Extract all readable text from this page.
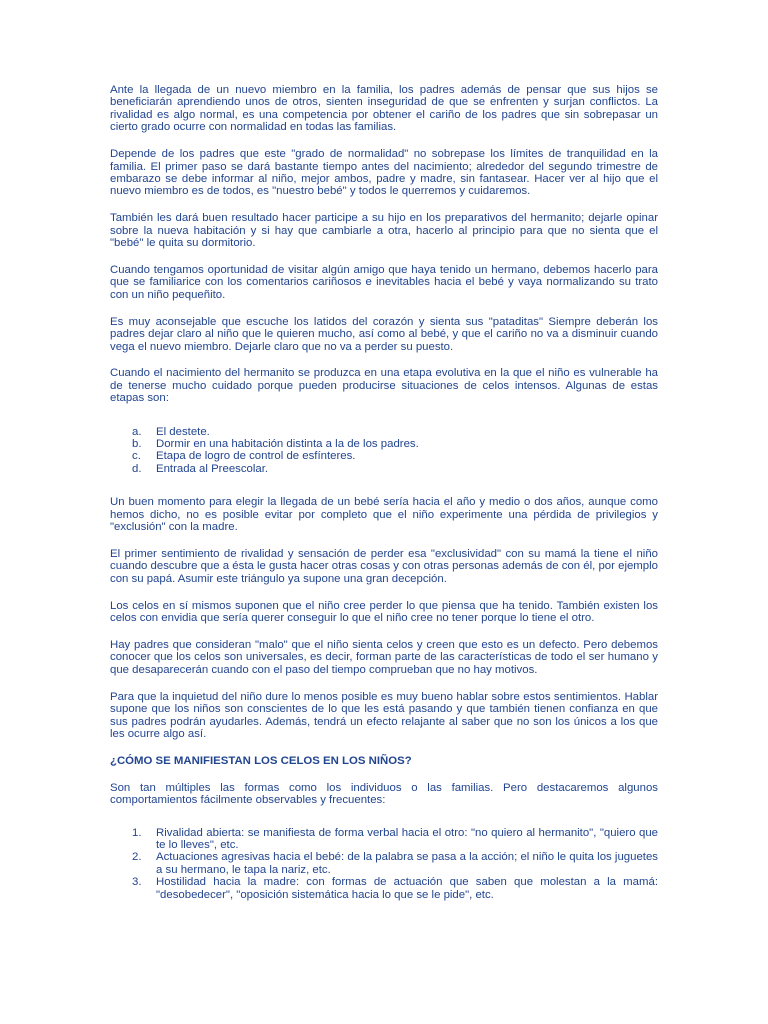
Ante la llegada de un nuevo miembro en la familia, los padres además de pensar que sus hijos se beneficiarán aprendiendo unos de otros, sienten inseguridad de que se enfrenten y surjan conflictos. La rivalidad es algo normal, es una competencia por obtener el cariño de los padres que sin sobrepasar un cierto grado ocurre con normalidad en todas las familias.

Depende de los padres que este "grado de normalidad" no sobrepase los límites de tranquilidad en la familia. El primer paso se dará bastante tiempo antes del nacimiento; alrededor del segundo trimestre de embarazo se debe informar al niño, mejor ambos, padre y madre, sin fantasear. Hacer ver al hijo que el nuevo miembro es de todos, es "nuestro bebé" y todos le querremos y cuidaremos.

También les dará buen resultado hacer participe a su hijo en los preparativos del hermanito; dejarle opinar sobre la nueva habitación y si hay que cambiarle a otra, hacerlo al principio para que no sienta que el "bebé" le quita su dormitorio.

Cuando tengamos oportunidad de visitar algún amigo que haya tenido un hermano, debemos hacerlo para que se familiarice con los comentarios cariñosos e inevitables hacia el bebé y vaya normalizando su trato con un niño pequeñito.

Es muy aconsejable que escuche los latidos del corazón y sienta sus "pataditas" Siempre deberán los padres dejar claro al niño que le quieren mucho, así como al bebé, y que el cariño no va a disminuir cuando vega el nuevo miembro. Dejarle claro que no va a perder su puesto.

Cuando el nacimiento del hermanito se produzca en una etapa evolutiva en la que el niño es vulnerable ha de tenerse mucho cuidado porque pueden producirse situaciones de celos intensos. Algunas de estas etapas son:

a. El destete.
b. Dormir en una habitación distinta a la de los padres.
c. Etapa de logro de control de esfínteres.
d. Entrada al Preescolar.

Un buen momento para elegir la llegada de un bebé sería hacia el año y medio o dos años, aunque como hemos dicho, no es posible evitar por completo que el niño experimente una pérdida de privilegios y "exclusión" con la madre.

El primer sentimiento de rivalidad y sensación de perder esa "exclusividad" con su mamá la tiene el niño cuando descubre que a ésta le gusta hacer otras cosas y con otras personas además de con él, por ejemplo con su papá. Asumir este triángulo ya supone una gran decepción.

Los celos en sí mismos suponen que el niño cree perder lo que piensa que ha tenido. También existen los celos con envidia que sería querer conseguir lo que el niño cree no tener porque lo tiene el otro.

Hay padres que consideran "malo" que el niño sienta celos y creen que esto es un defecto. Pero debemos conocer que los celos son universales, es decir, forman parte de las características de todo el ser humano y que desaparecerán cuando con el paso del tiempo comprueban que no hay motivos.

Para que la inquietud del niño dure lo menos posible es muy bueno hablar sobre estos sentimientos. Hablar supone que los niños son conscientes de lo que les está pasando y que también tienen confianza en que sus padres podrán ayudarles. Además, tendrá un efecto relajante al saber que no son los únicos a los que les ocurre algo así.

¿CÓMO SE MANIFIESTAN LOS CELOS EN LOS NIÑOS?

Son tan múltiples las formas como los individuos o las familias. Pero destacaremos algunos comportamientos fácilmente observables y frecuentes:

1. Rivalidad abierta: se manifiesta de forma verbal hacia el otro: "no quiero al hermanito", "quiero que te lo lleves", etc.
2. Actuaciones agresivas hacia el bebé: de la palabra se pasa a la acción; el niño le quita los juguetes a su hermano, le tapa la nariz, etc.
3. Hostilidad hacia la madre: con formas de actuación que saben que molestan a la mamá: "desobedecer", "oposición sistemática hacia lo que se le pide", etc.
